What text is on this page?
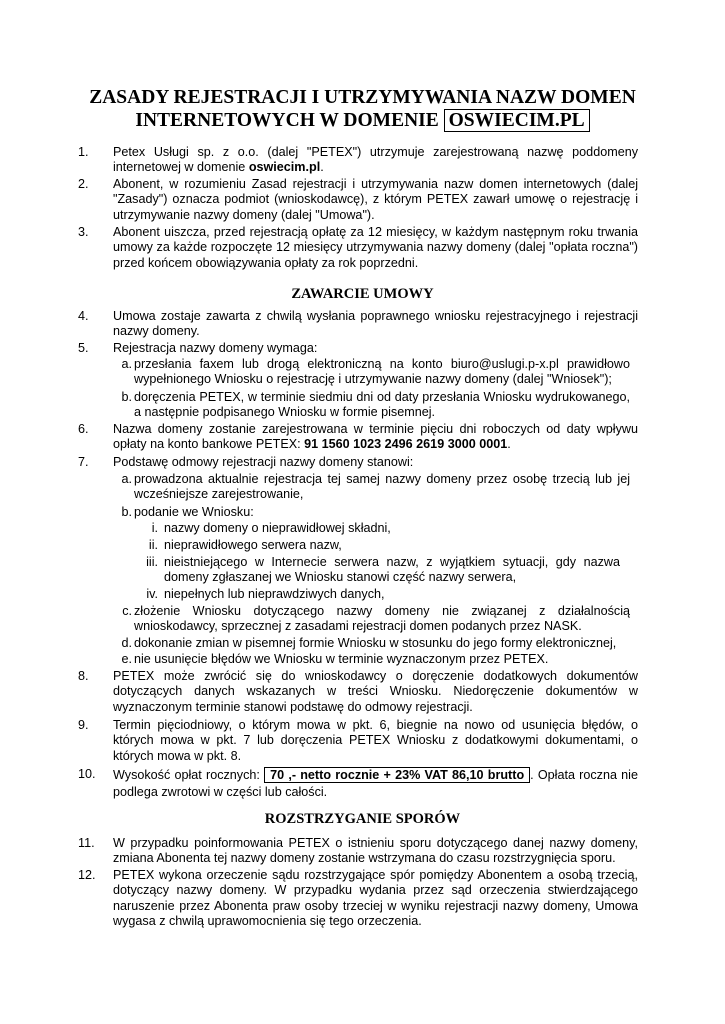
ZASADY REJESTRACJI I UTRZYMYWANIA NAZW DOMEN
INTERNETOWYCH W DOMENIE OSWIECIM.PL
1.	Petex Usługi sp. z o.o. (dalej "PETEX") utrzymuje zarejestrowaną nazwę poddomeny internetowej w domenie oswiecim.pl.
2.	Abonent, w rozumieniu Zasad rejestracji i utrzymywania nazw domen internetowych (dalej "Zasady") oznacza podmiot (wnioskodawcę), z którym PETEX zawarł umowę o rejestrację i utrzymywanie nazwy domeny (dalej "Umowa").
3.	Abonent uiszcza, przed rejestracją opłatę za 12 miesięcy, w każdym następnym roku trwania umowy za każde rozpoczęte 12 miesięcy utrzymywania nazwy domeny (dalej "opłata roczna") przed końcem obowiązywania opłaty za rok poprzedni.
ZAWARCIE UMOWY
4.	Umowa zostaje zawarta z chwilą wysłania poprawnego wniosku rejestracyjnego i rejestracji nazwy domeny.
5.	Rejestracja nazwy domeny wymaga:
a. przesłania faxem lub drogą elektroniczną na konto biuro@uslugi.p-x.pl prawidłowo wypełnionego Wniosku o rejestrację i utrzymywanie nazwy domeny (dalej "Wniosek");
b. doręczenia PETEX, w terminie siedmiu dni od daty przesłania Wniosku wydrukowanego, a następnie podpisanego Wniosku w formie pisemnej.
6.	Nazwa domeny zostanie zarejestrowana w terminie pięciu dni roboczych od daty wpływu opłaty na konto bankowe PETEX: 91 1560 1023 2496 2619 3000 0001.
7.	Podstawę odmowy rejestracji nazwy domeny stanowi:
a. prowadzona aktualnie rejestracja tej samej nazwy domeny przez osobę trzecią lub jej wcześniejsze zarejestrowanie,
b. podanie we Wniosku:
i. nazwy domeny o nieprawidłowej składni,
ii. nieprawidłowego serwera nazw,
iii. nieistniejącego w Internecie serwera nazw, z wyjątkiem sytuacji, gdy nazwa domeny zgłaszanej we Wniosku stanowi część nazwy serwera,
iv. niepełnych lub nieprawdziwych danych,
c. złożenie Wniosku dotyczącego nazwy domeny nie związanej z działalnością wnioskodawcy, sprzecznej z zasadami rejestracji domen podanych przez NASK.
d. dokonanie zmian w pisemnej formie Wniosku w stosunku do jego formy elektronicznej,
e. nie usunięcie błędów we Wniosku w terminie wyznaczonym przez PETEX.
8.	PETEX może zwrócić się do wnioskodawcy o doręczenie dodatkowych dokumentów dotyczących danych wskazanych w treści Wniosku. Niedoręczenie dokumentów w wyznaczonym terminie stanowi podstawę do odmowy rejestracji.
9.	Termin pięciodniowy, o którym mowa w pkt. 6, biegnie na nowo od usunięcia błędów, o których mowa w pkt. 7 lub doręczenia PETEX Wniosku z dodatkowymi dokumentami, o których mowa w pkt. 8.
10.	Wysokość opłat rocznych: 70 ,- netto rocznie + 23% VAT 86,10 brutto . Opłata roczna nie podlega zwrotowi w części lub całości.
ROZSTRZYGANIE SPORÓW
11.	W przypadku poinformowania PETEX o istnieniu sporu dotyczącego danej nazwy domeny, zmiana Abonenta tej nazwy domeny zostanie wstrzymana do czasu rozstrzygnięcia sporu.
12.	PETEX wykona orzeczenie sądu rozstrzygające spór pomiędzy Abonentem a osobą trzecią, dotyczący nazwy domeny. W przypadku wydania przez sąd orzeczenia stwierdzającego naruszenie przez Abonenta praw osoby trzeciej w wyniku rejestracji nazwy domeny, Umowa wygasa z chwilą uprawomocnienia się tego orzeczenia.
